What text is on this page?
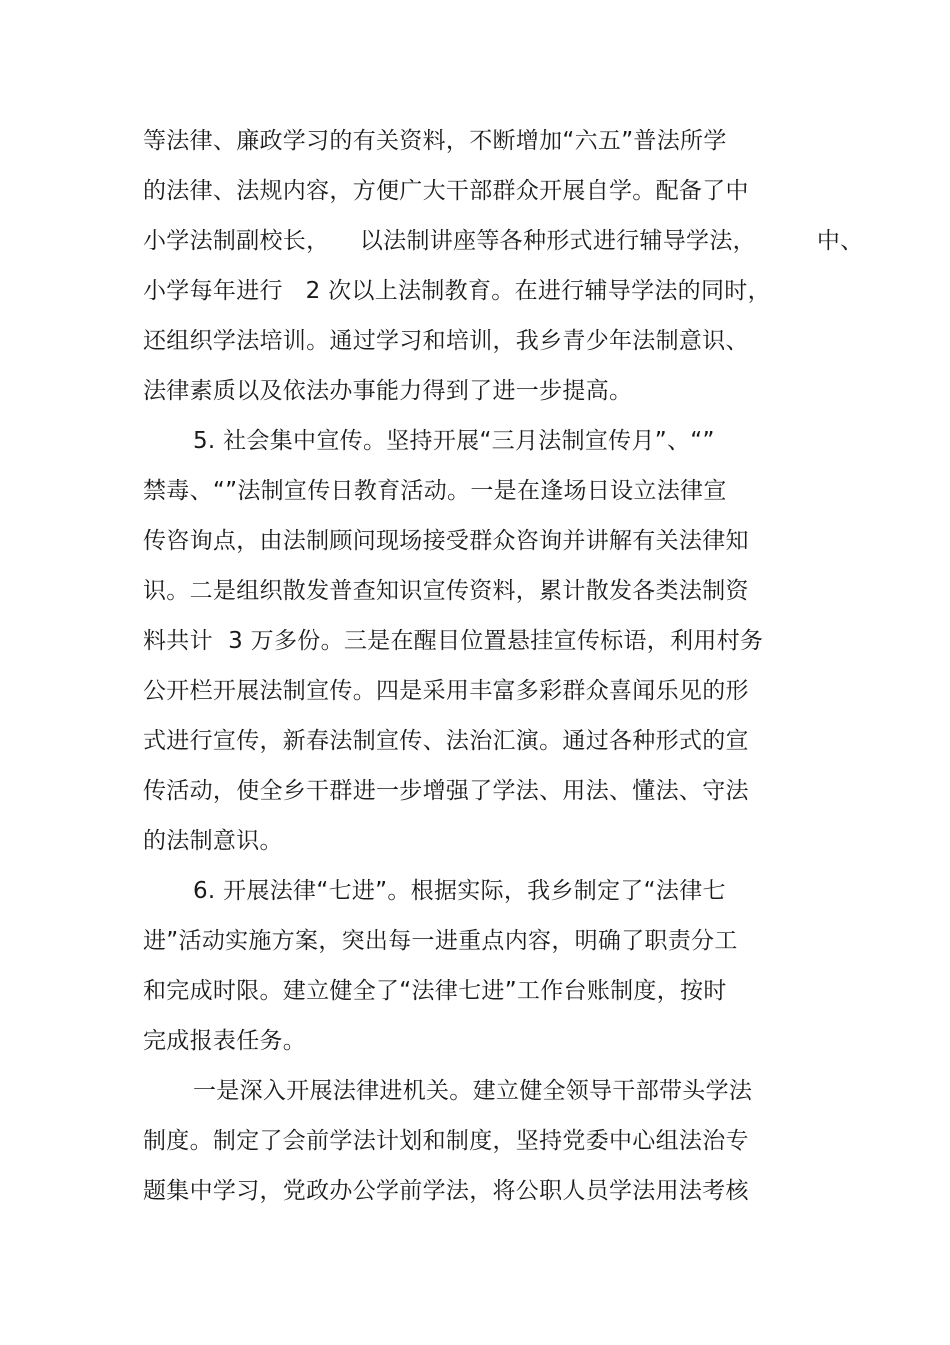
等法律、廉政学习的有关资料，不断增加“六五”普法所学
的法律、法规内容，方便广大干部群众开展自学。配备了中
小学法制副校长，    以法制讲座等各种形式进行辅导学法，        中、
小学每年进行   2 次以上法制教育。在进行辅导学法的同时，
还组织学法培训。通过学习和培训，我乡青少年法制意识、
法律素质以及依法办事能力得到了进一步提高。
5. 社会集中宣传。坚持开展“三月法制宣传月”、“”
禁毒、“”法制宣传日教育活动。一是在逢场日设立法律宣
传咨询点，由法制顾问现场接受群众咨询并讲解有关法律知
识。二是组织散发普查知识宣传资料，累计散发各类法制资
料共计  3 万多份。三是在醒目位置悬挂宣传标语，利用村务
公开栏开展法制宣传。四是采用丰富多彩群众喜闻乐见的形
式进行宣传，新春法制宣传、法治汇演。通过各种形式的宣
传活动，使全乡干群进一步增强了学法、用法、懂法、守法
的法制意识。
6. 开展法律“七进”。根据实际，我乡制定了“法律七
进”活动实施方案，突出每一进重点内容，明确了职责分工
和完成时限。建立健全了“法律七进”工作台账制度，按时
完成报表任务。
一是深入开展法律进机关。建立健全领导干部带头学法
制度。制定了会前学法计划和制度，坚持党委中心组法治专
题集中学习，党政办公学前学法，将公职人员学法用法考核
